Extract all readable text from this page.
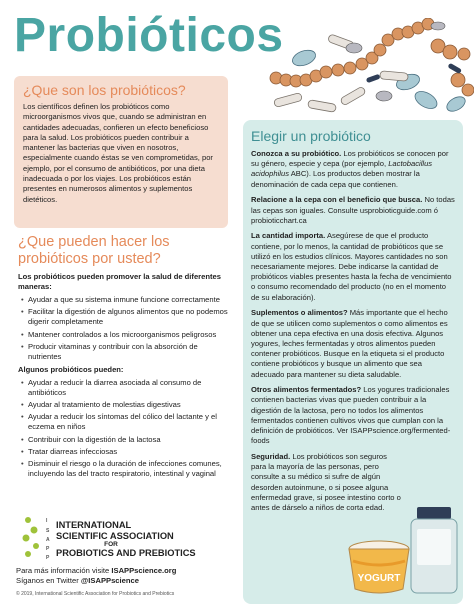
Probióticos
¿Que son los probióticos?

Los científicos definen los probióticos como microorganismos vivos que, cuando se administran en cantidades adecuadas, confieren un efecto beneficioso para la salud. Los probióticos pueden contribuir a mantener las bacterias que viven en nosotros, especialmente cuando éstas se ven comprometidas, por ejemplo, por el consumo de antibióticos, por una dieta inadecuada o por los viajes. Los probióticos están presentes en numerosos alimentos y suplementos dietéticos.

¿Que pueden hacer los probióticos por usted?
Los probióticos pueden promover la salud de diferentes maneras:
• Ayudar a que su sistema inmune funcione correctamente
• Facilitar la digestión de algunos alimentos que no podemos digerir completamente
• Mantener controlados a los microorganismos peligrosos
• Producir vitaminas y contribuir con la absorción de nutrientes
Algunos probióticos pueden:
• Ayudar a reducir la diarrea asociada al consumo de antibióticos
• Ayudar al tratamiento de molestias digestivas
• Ayudar a reducir los síntomas del cólico del lactante y el eczema en niños
• Contribuir con la digestión de la lactosa
• Tratar diarreas infecciosas
• Disminuir el riesgo o la duración de infecciones comunes, incluyendo las del tracto respiratorio, intestinal y vaginal
I
S
A
P
P
INTERNATIONAL
SCIENTIFIC ASSOCIATION
FOR
PROBIOTICS AND PREBIOTICS
Para más información visite ISAPPscience.org
Síganos en Twitter @ISAPPscience
© 2019, International Scientific Association for Probiotics and Prebiotics
Elegir un probiótico

Conozca a su probiótico. Los probióticos se conocen por su género, especie y cepa (por ejemplo, Lactobacillus acidophilus ABC). Los productos deben mostrar la denominación de cada cepa que contienen.

Relacione a la cepa con el beneficio que busca. No todas las cepas son iguales. Consulte usprobioticguide.com ó probioticchart.ca

La cantidad importa. Asegúrese de que el producto contiene, por lo menos, la cantidad de probióticos que se utilizó en los estudios clínicos. Mayores cantidades no son necesariamente mejores. Debe indicarse la cantidad de probióticos viables presentes hasta la fecha de vencimiento o consumo recomendado del producto (no en el momento de su elaboración).

Suplementos o alimentos? Más importante que el hecho de que se utilicen como suplementos o como alimentos es obtener una cepa efectiva en una dosis efectiva. Algunos yogures, leches fermentadas y otros alimentos pueden contener probióticos. Busque en la etiqueta si el producto contiene probióticos y busque un alimento que sea adecuado para mantener su dieta saludable.

Otros alimentos fermentados? Los yogures tradicionales contienen bacterias vivas que pueden contribuir a la digestión de la lactosa, pero no todos los alimentos fermentados contienen cultivos vivos que cumplan con la definición de probióticos. Ver ISAPPscience.org/fermented-foods

Seguridad. Los probióticos son seguros para la mayoría de las personas, pero consulte a su médico si sufre de algún desorden autoinmune, o si posee alguna enfermedad grave, si posee intestino corto o antes de dárselo a niños de corta edad.

YOGURT
